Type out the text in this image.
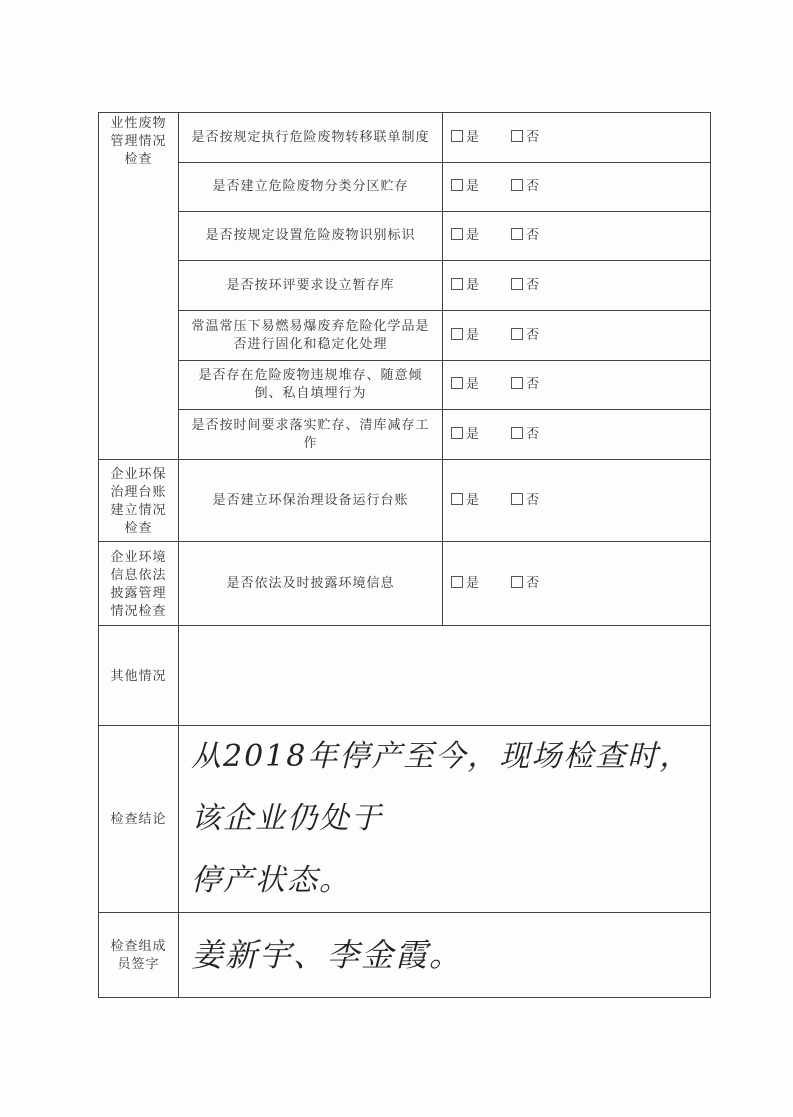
业性废物
管理情况
检查	是否按规定执行危险废物转移联单制度	是 否
	是否建立危险废物分类分区贮存	是 否
	是否按规定设置危险废物识别标识	是 否
	是否按环评要求设立暂存库	是 否
	常温常压下易燃易爆废弃危险化学品是否进行固化和稳定化处理	是 否
	是否存在危险废物违规堆存、随意倾倒、私自填埋行为	是 否
	是否按时间要求落实贮存、清库减存工作	是 否
企业环保
治理台账
建立情况
检查	是否建立环保治理设备运行台账	是 否
企业环境
信息依法
披露管理
情况检查	是否依法及时披露环境信息	是 否
其他情况		
检查结论	从2018年停产至今，现场检查时，该企业仍处于
停产状态。	

检查组成
员签字	姜新宇、李金霞。	
